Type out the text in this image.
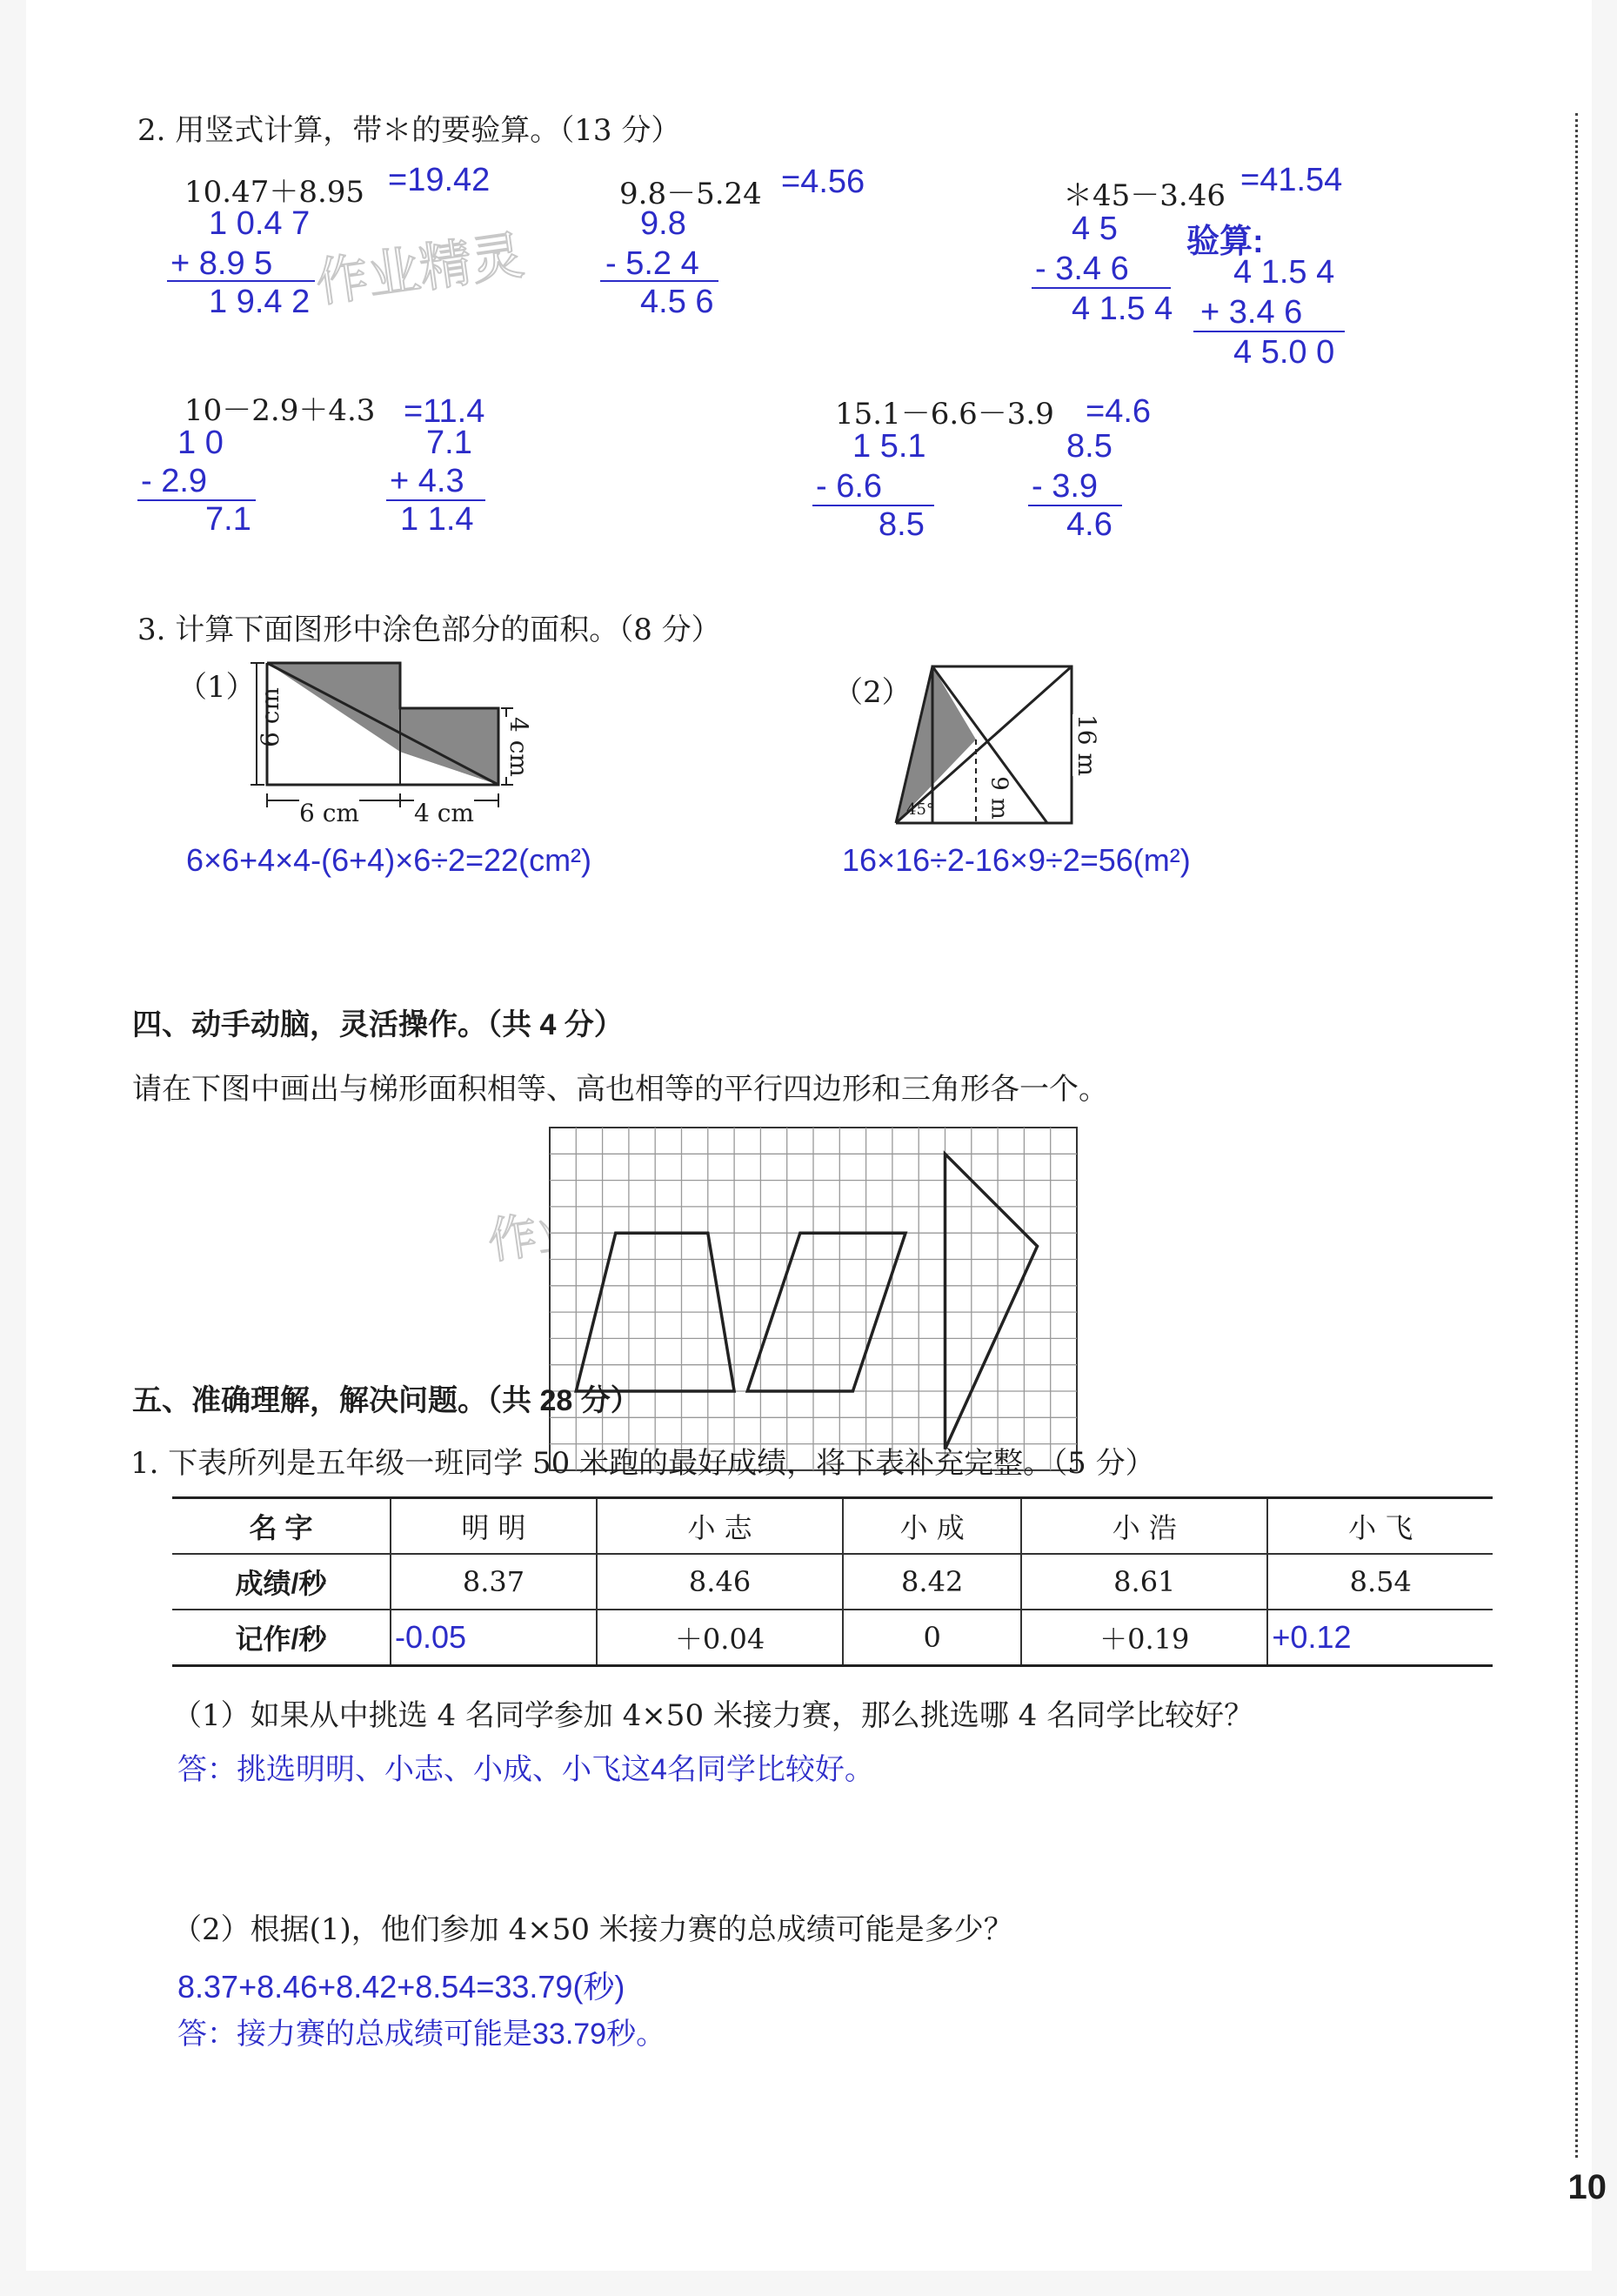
10
作业精灵
2. 用竖式计算，带＊的要验算。（13 分）
10.47＋8.95 =19.42
1 0.4 7
+ 8.9 5
1 9.4 2
9.8－5.24 =4.56
9.8
- 5.2 4
4.5 6
＊45－3.46 =41.54
4 5
- 3.4 6
4 1.5 4
验算:
4 1.5 4
+ 3.4 6
4 5.0 0
10－2.9＋4.3 =11.4
1 0
- 2.9
7.1
7.1
+ 4.3
1 1.4
15.1－6.6－3.9 =4.6
1 5.1
- 6.6
8.5
8.5
- 3.9
4.6
3. 计算下面图形中涂色部分的面积。（8 分）
（1）	（2）
6 cm
6 cm 4 cm
4 cm
6×6+4×4-(6+4)×6÷2=22(cm²)
45° 9 m
16 m
16×16÷2-16×9÷2=56(m²)
四、动手动脑，灵活操作。（共 4 分）
请在下图中画出与梯形面积相等、高也相等的平行四边形和三角形各一个。
五、准确理解，解决问题。（共 28 分）
1. 下表所列是五年级一班同学 50 米跑的最好成绩，将下表补充完整。（5 分）
名 字	明 明	小 志	小 成	小 浩	小 飞
成绩/秒	8.37	8.46	8.42	8.61	8.54
记作/秒	-0.05	＋0.04	0	＋0.19	+0.12
（1）如果从中挑选 4 名同学参加 4×50 米接力赛，那么挑选哪 4 名同学比较好？
答：挑选明明、小志、小成、小飞这4名同学比较好。
（2）根据(1)，他们参加 4×50 米接力赛的总成绩可能是多少？
8.37+8.46+8.42+8.54=33.79(秒)
答：接力赛的总成绩可能是33.79秒。
